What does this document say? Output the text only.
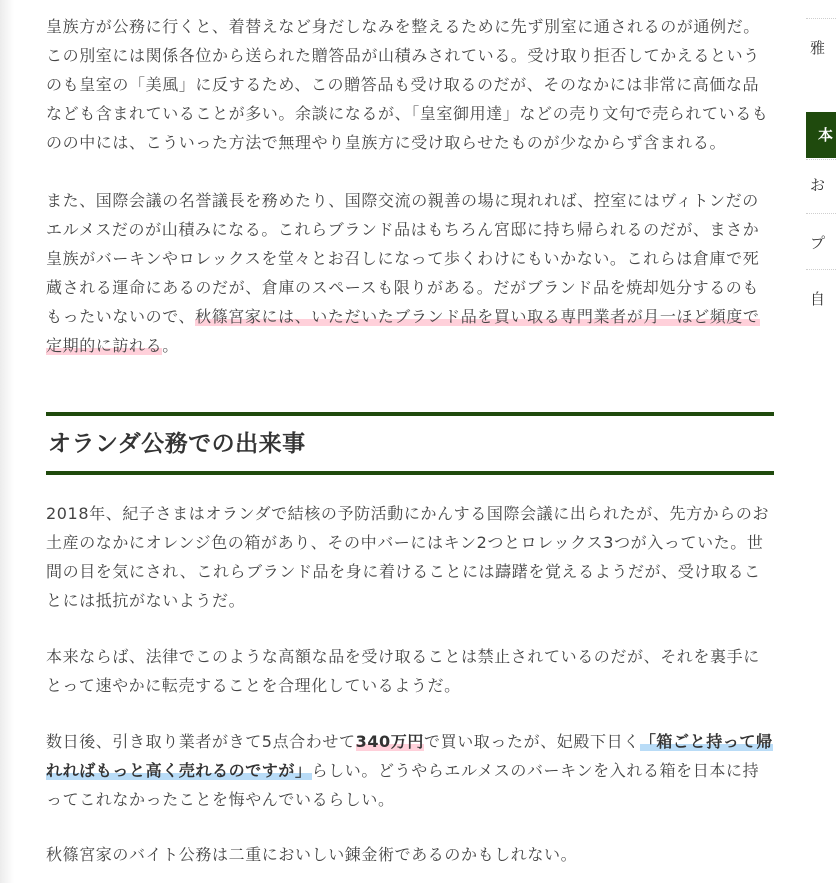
皇族方が公務に行くと、着替えなど身だしなみを整えるために先ず別室に通されるのが通例だ。この別室には関係各位から送られた贈答品が山積みされている。受け取り拒否してかえるというのも皇室の「美風」に反するため、この贈答品も受け取るのだが、そのなかには非常に高価な品なども含まれていることが多い。余談になるが、「皇室御用達」などの売り文句で売られているものの中には、こういった方法で無理やり皇族方に受け取らせたものが少なからず含まれる。

また、国際会議の名誉議長を務めたり、国際交流の親善の場に現れれば、控室にはヴィトンだのエルメスだのが山積みになる。これらブランド品はもちろん宮邸に持ち帰られるのだが、まさか皇族がバーキンやロレックスを堂々とお召しになって歩くわけにもいかない。これらは倉庫で死蔵される運命にあるのだが、倉庫のスペースも限りがある。だがブランド品を焼却処分するのももったいないので、秋篠宮家には、いただいたブランド品を買い取る専門業者が月一ほど頻度で定期的に訪れる。

オランダ公務での出来事

2018年、紀子さまはオランダで結核の予防活動にかんする国際会議に出られたが、先方からのお土産のなかにオレンジ色の箱があり、その中バーにはキン2つとロレックス3つが入っていた。世間の目を気にされ、これらブランド品を身に着けることには躊躇を覚えるようだが、受け取ることには抵抗がないようだ。

本来ならば、法律でこのような高額な品を受け取ることは禁止されているのだが、それを裏手にとって速やかに転売することを合理化しているようだ。

数日後、引き取り業者がきて5点合わせて340万円で買い取ったが、妃殿下日く「箱ごと持って帰れればもっと高く売れるのですが」らしい。どうやらエルメスのバーキンを入れる箱を日本に持ってこれなかったことを悔やんでいるらしい。

秋篠宮家のバイト公務は二重においしい錬金術であるのかもしれない。

雅
本
お
プ
自
